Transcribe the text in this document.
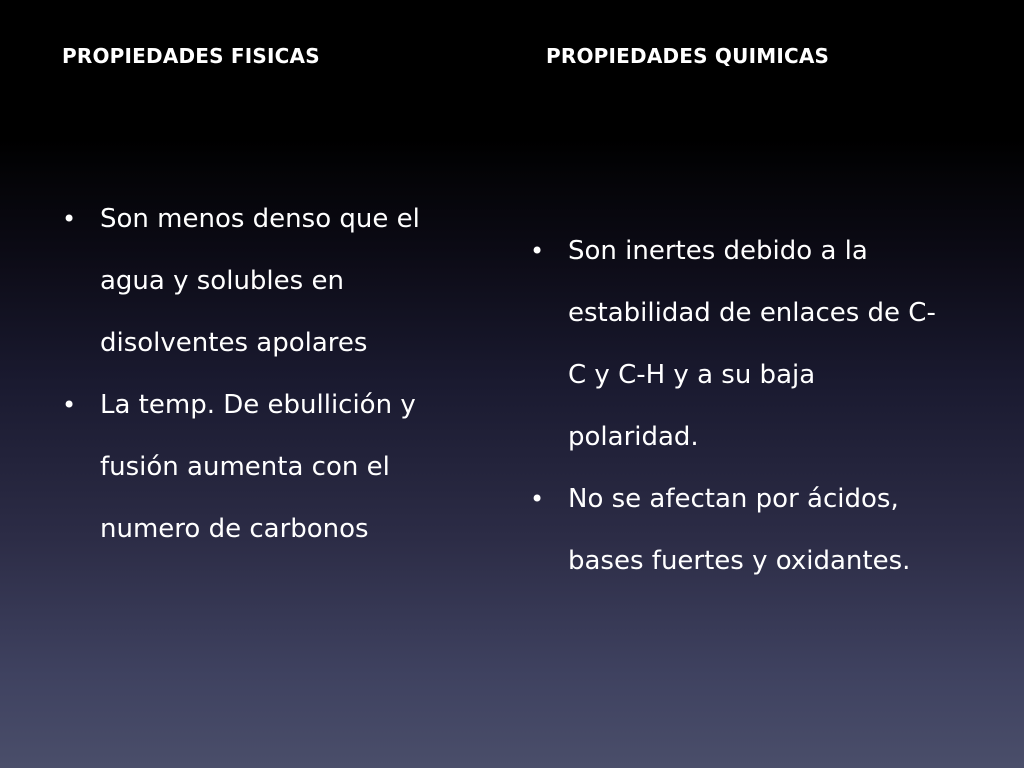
PROPIEDADES FISICAS	PROPIEDADES QUIMICAS
• Son menos denso que el agua y solubles en disolventes apolares
• La temp. De ebullición y fusión aumenta con el numero de carbonos
• Son inertes debido a la estabilidad de enlaces de C-C y C-H y a su baja polaridad.
• No se afectan por ácidos, bases fuertes y oxidantes.
